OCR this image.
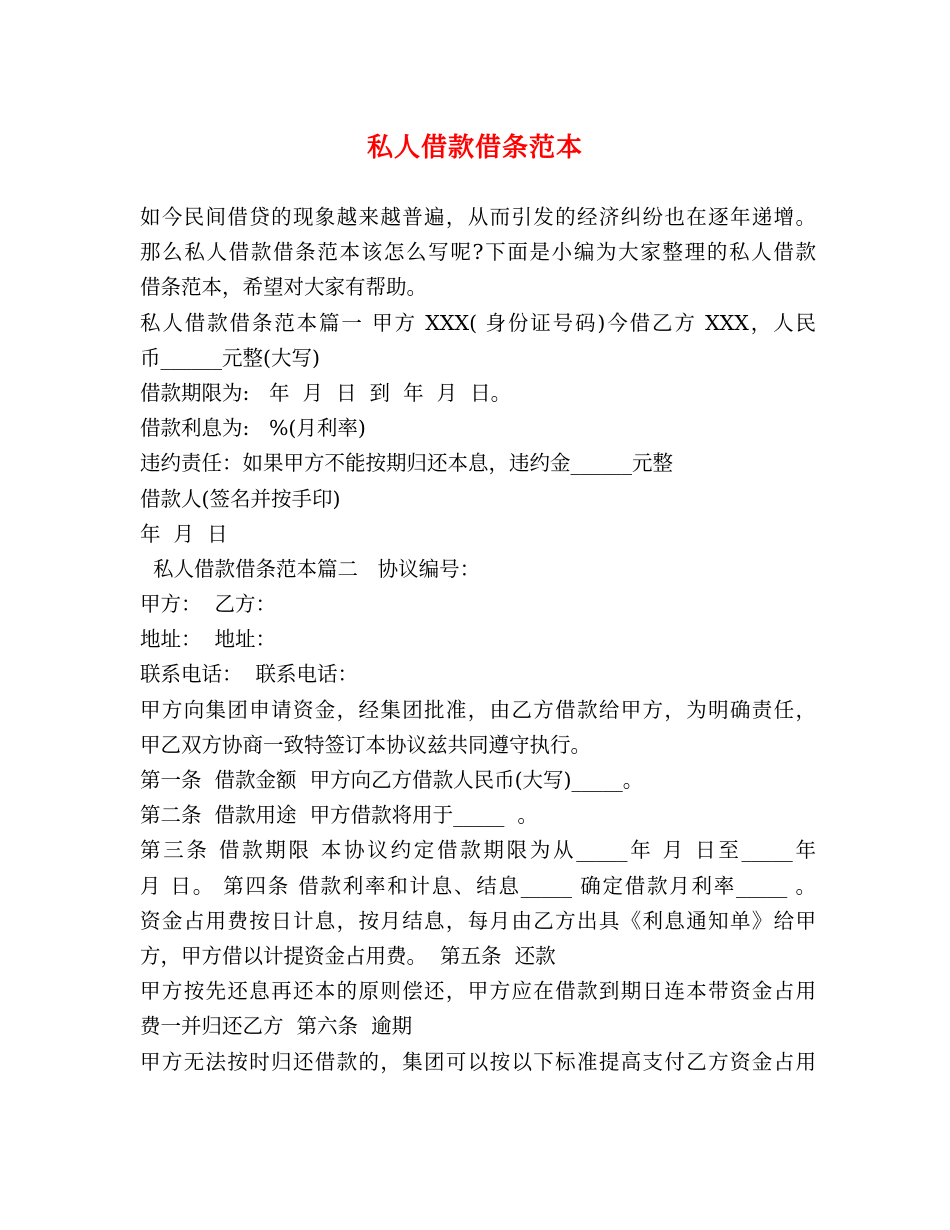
私人借款借条范本
如今民间借贷的现象越来越普遍，从而引发的经济纠纷也在逐年递增。
那么私人借款借条范本该怎么写呢?下面是小编为大家整理的私人借款
借条范本，希望对大家有帮助。
私人借款借条范本篇一 甲方 XXX( 身份证号码)今借乙方 XXX，人民
币______元整(大写)
借款期限为:   年  月  日  到  年  月  日。
借款利息为:   %(月利率)
违约责任：如果甲方不能按期归还本息，违约金______元整
借款人(签名并按手印)
年  月  日
私人借款借条范本篇二   协议编号：
甲方：  乙方：
地址：  地址：
联系电话：  联系电话：
甲方向集团申请资金，经集团批准，由乙方借款给甲方，为明确责任，
甲乙双方协商一致特签订本协议兹共同遵守执行。
第一条  借款金额  甲方向乙方借款人民币(大写)_____。
第二条  借款用途  甲方借款将用于_____  。
第三条 借款期限 本协议约定借款期限为从_____年 月 日至_____年
月 日。 第四条 借款利率和计息、结息_____ 确定借款月利率_____ 。
资金占用费按日计息，按月结息，每月由乙方出具《利息通知单》给甲
方，甲方借以计提资金占用费。  第五条  还款
甲方按先还息再还本的原则偿还，甲方应在借款到期日连本带资金占用
费一并归还乙方  第六条  逾期
甲方无法按时归还借款的，集团可以按以下标准提高支付乙方资金占用
